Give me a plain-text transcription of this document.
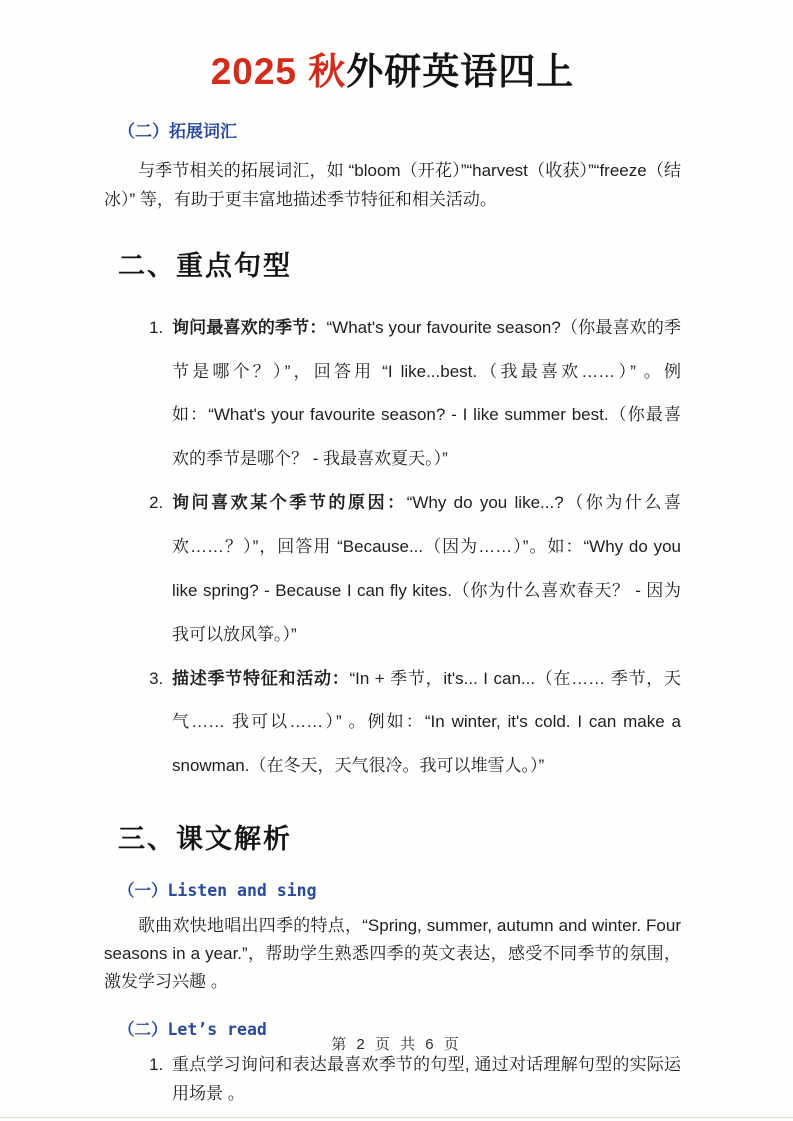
2025 秋外研英语四上
（二）拓展词汇

与季节相关的拓展词汇，如 “bloom（开花）”“harvest（收获）”“freeze（结冰）” 等，有助于更丰富地描述季节特征和相关活动。

二、重点句型
1. 询问最喜欢的季节：“What's your favourite season?（你最喜欢的季节是哪个？）”，回答用 “I like...best.（我最喜欢……）” 。例如：“What's your favourite season? - I like summer best.（你最喜欢的季节是哪个？ - 我最喜欢夏天。）”
2. 询问喜欢某个季节的原因：“Why do you like...?（你为什么喜欢……？）”，回答用 “Because...（因为……）”。如：“Why do you like spring? - Because I can fly kites.（你为什么喜欢春天？ - 因为我可以放风筝。）”
3. 描述季节特征和活动：“In + 季节，it's... I can...（在…… 季节，天气…… 我可以……）” 。例如：“In winter, it's cold. I can make a snowman.（在冬天，天气很冷。我可以堆雪人。）”
三、课文解析
（一）Listen and sing

歌曲欢快地唱出四季的特点，“Spring, summer, autumn and winter. Four seasons in a year.”，帮助学生熟悉四季的英文表达，感受不同季节的氛围，激发学习兴趣 。

（二）Let’s read
1. 重点学习询问和表达最喜欢季节的句型, 通过对话理解句型的实际运用场景 。
第 2 页 共 6 页
